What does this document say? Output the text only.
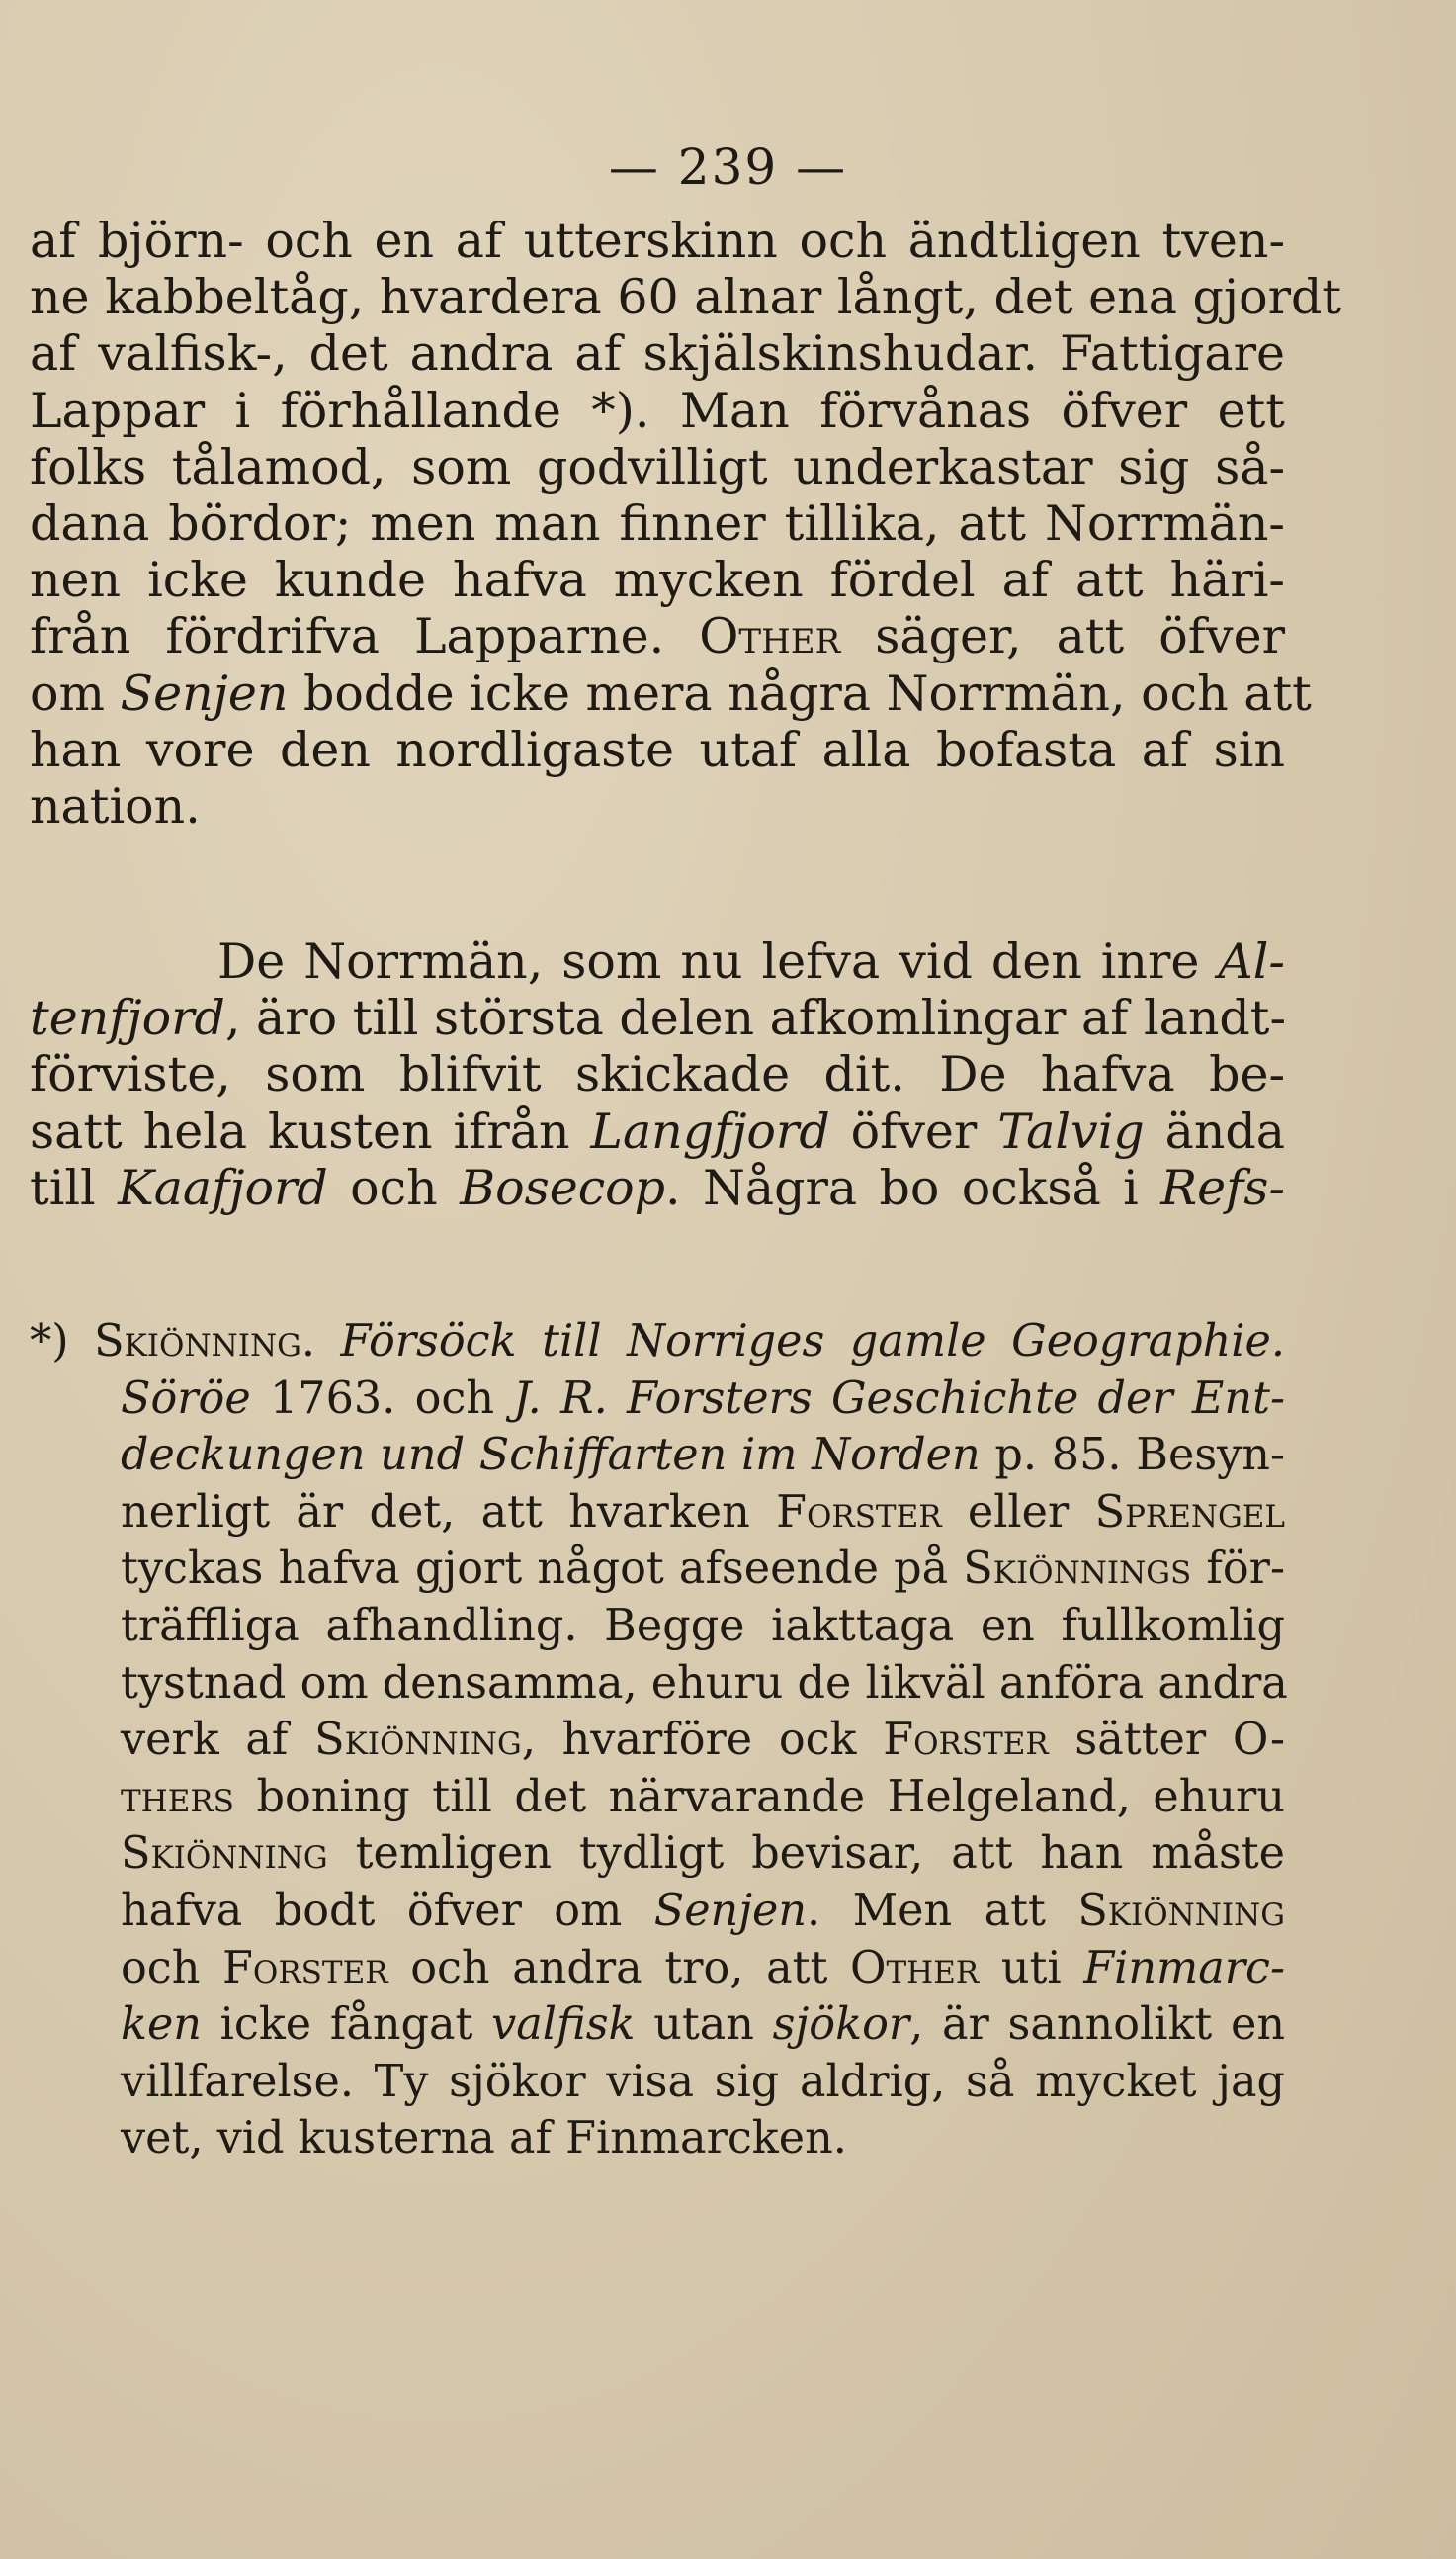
— 239 —
af björn- och en af utterskinn och ändtligen tven-
ne kabbeltåg, hvardera 60 alnar långt, det ena gjordt
af valfisk-, det andra af skjälskinshudar. Fattigare
Lappar i förhållande *). Man förvånas öfver ett
folks tålamod, som godvilligt underkastar sig så-
dana bördor; men man finner tillika, att Norrmän-
nen icke kunde hafva mycken fördel af att häri-
från fördrifva Lapparne. Other säger, att öfver
om Senjen bodde icke mera några Norrmän, och att
han vore den nordligaste utaf alla bofasta af sin
nation.
De Norrmän, som nu lefva vid den inre Al-
tenfjord, äro till största delen afkomlingar af landt-
förviste, som blifvit skickade dit. De hafva be-
satt hela kusten ifrån Langfjord öfver Talvig ända
till Kaafjord och Bosecop. Några bo också i Refs-
*) Skiönning. Försöck till Norriges gamle Geographie.
Söröe 1763. och J. R. Forsters Geschichte der Ent-
deckungen und Schiffarten im Norden p. 85. Besyn-
nerligt är det, att hvarken Forster eller Sprengel
tyckas hafva gjort något afseende på Skiönnings för-
träffliga afhandling. Begge iakttaga en fullkomlig
tystnad om densamma, ehuru de likväl anföra andra
verk af Skiönning, hvarföre ock Forster sätter O-
thers boning till det närvarande Helgeland, ehuru
Skiönning temligen tydligt bevisar, att han måste
hafva bodt öfver om Senjen. Men att Skiönning
och Forster och andra tro, att Other uti Finmarc-
ken icke fångat valfisk utan sjökor, är sannolikt en
villfarelse. Ty sjökor visa sig aldrig, så mycket jag
vet, vid kusterna af Finmarcken.
